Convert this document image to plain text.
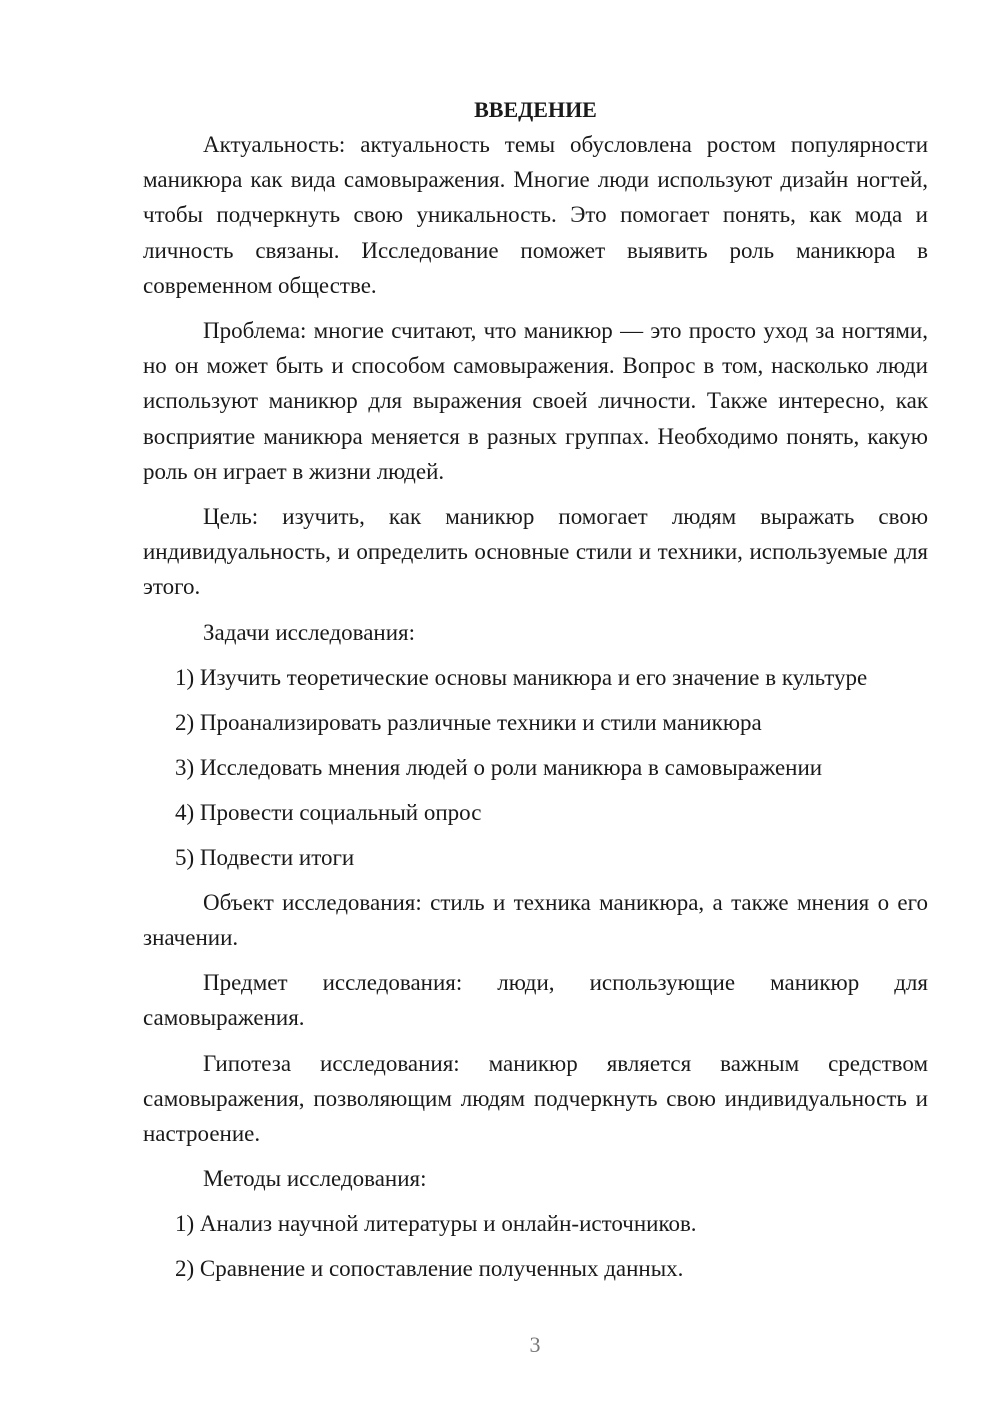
ВВЕДЕНИЕ

Актуальность: актуальность темы обусловлена ростом популярности маникюра как вида самовыражения. Многие люди используют дизайн ногтей, чтобы подчеркнуть свою уникальность. Это помогает понять, как мода и личность связаны. Исследование поможет выявить роль маникюра в современном обществе.

Проблема: многие считают, что маникюр — это просто уход за ногтями, но он может быть и способом самовыражения. Вопрос в том, насколько люди используют маникюр для выражения своей личности. Также интересно, как восприятие маникюра меняется в разных группах. Необходимо понять, какую роль он играет в жизни людей.

Цель: изучить, как маникюр помогает людям выражать свою индивидуальность, и определить основные стили и техники, используемые для этого.

Задачи исследования:

1) Изучить теоретические основы маникюра и его значение в культуре
2) Проанализировать различные техники и стили маникюра
3) Исследовать мнения людей о роли маникюра в самовыражении
4) Провести социальный опрос
5) Подвести итоги

Объект исследования: стиль и техника маникюра, а также мнения о его значении.

Предмет исследования: люди, использующие маникюр для самовыражения.

Гипотеза исследования: маникюр является важным средством самовыражения, позволяющим людям подчеркнуть свою индивидуальность и настроение.

Методы исследования:

1) Анализ научной литературы и онлайн-источников.
2) Сравнение и сопоставление полученных данных.
3
